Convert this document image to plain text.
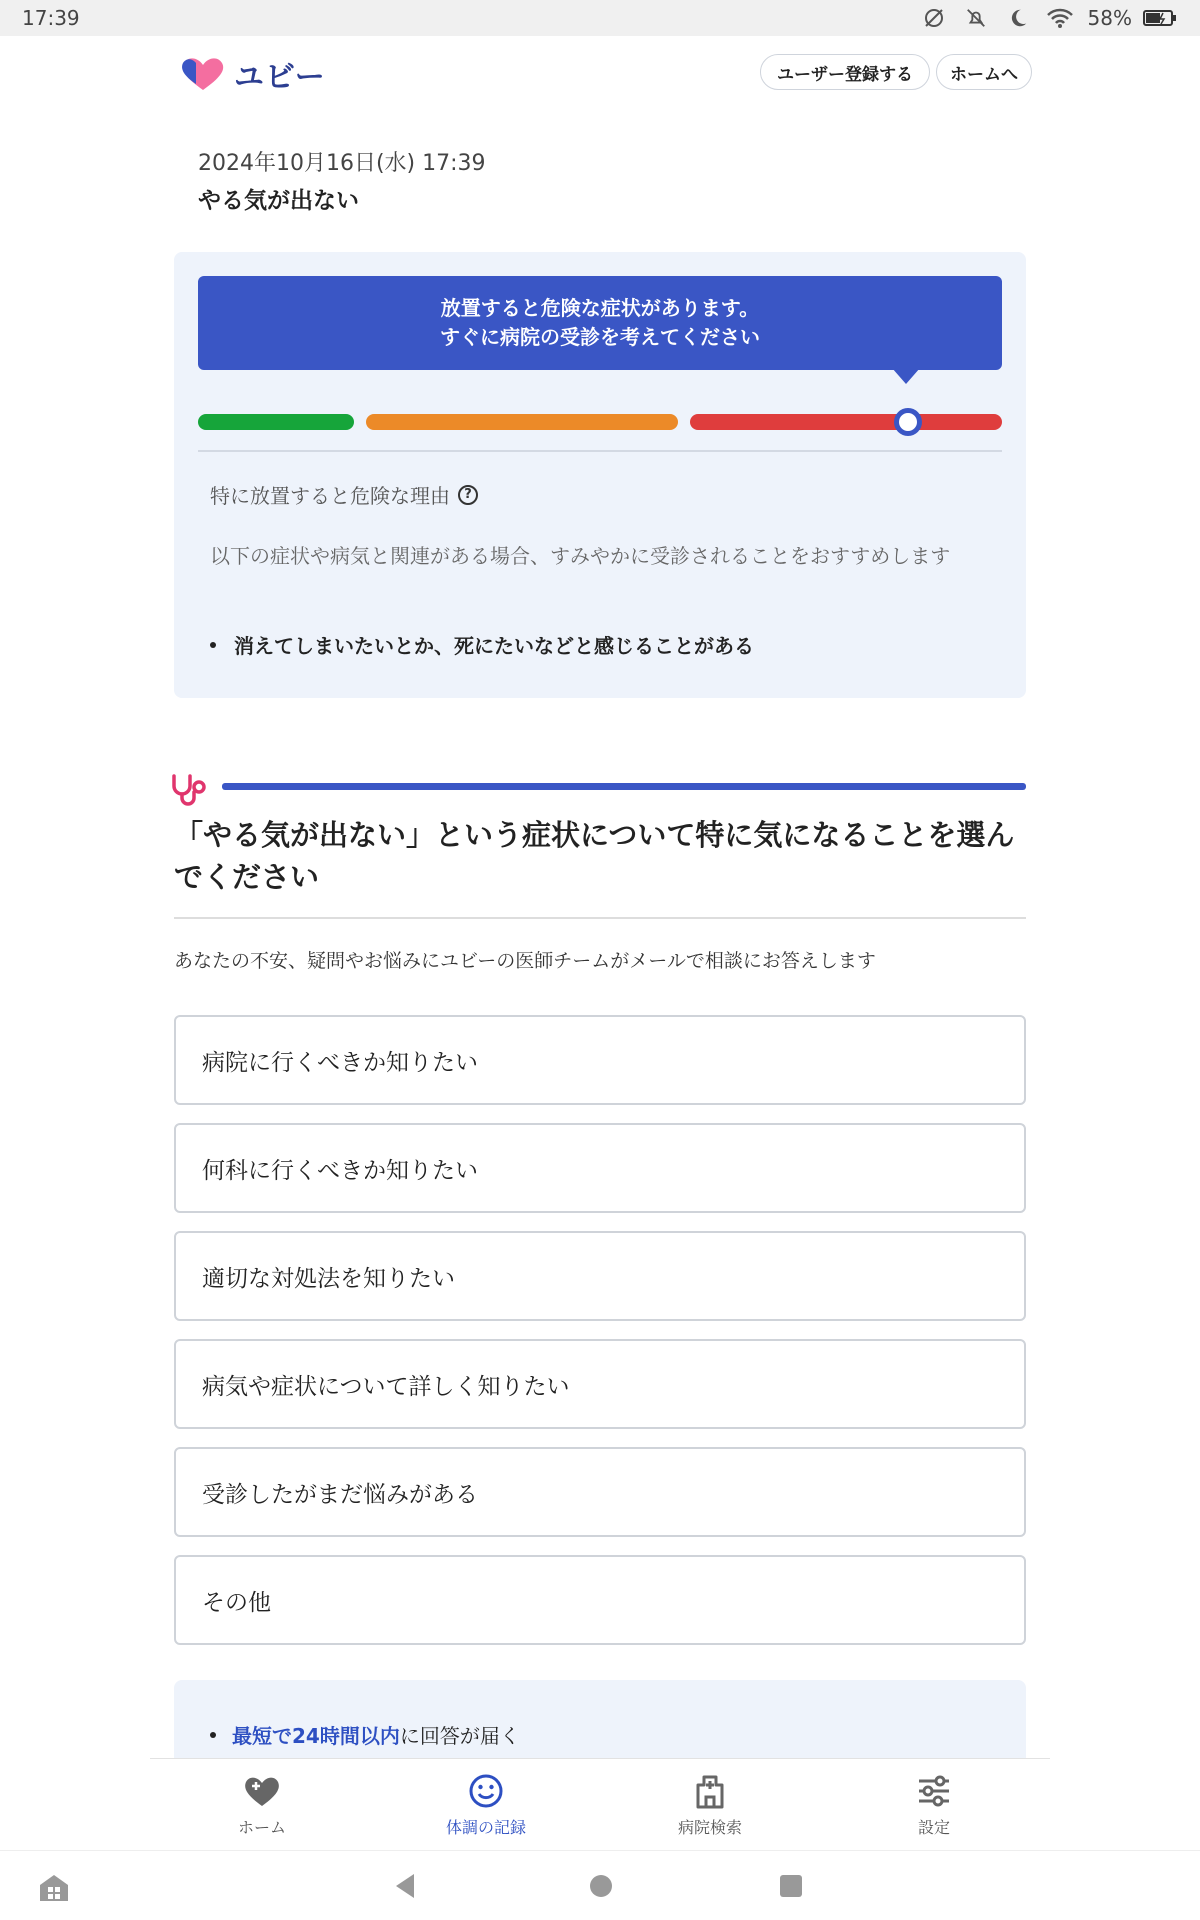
17:39	58%
ユビー	ユーザー登録する	ホームへ
2024年10月16日(水) 17:39
やる気が出ない
放置すると危険な症状があります。
すぐに病院の受診を考えてください
特に放置すると危険な理由	?
以下の症状や病気と関連がある場合、すみやかに受診されることをおすすめします
消えてしまいたいとか、死にたいなどと感じることがある
「やる気が出ない」という症状について特に気になることを選んでください
あなたの不安、疑問やお悩みにユビーの医師チームがメールで相談にお答えします
病院に行くべきか知りたい
何科に行くべきか知りたい
適切な対処法を知りたい
病気や症状について詳しく知りたい
受診したがまだ悩みがある
その他
最短で24時間以内に回答が届く
ホーム	体調の記録	病院検索	設定
